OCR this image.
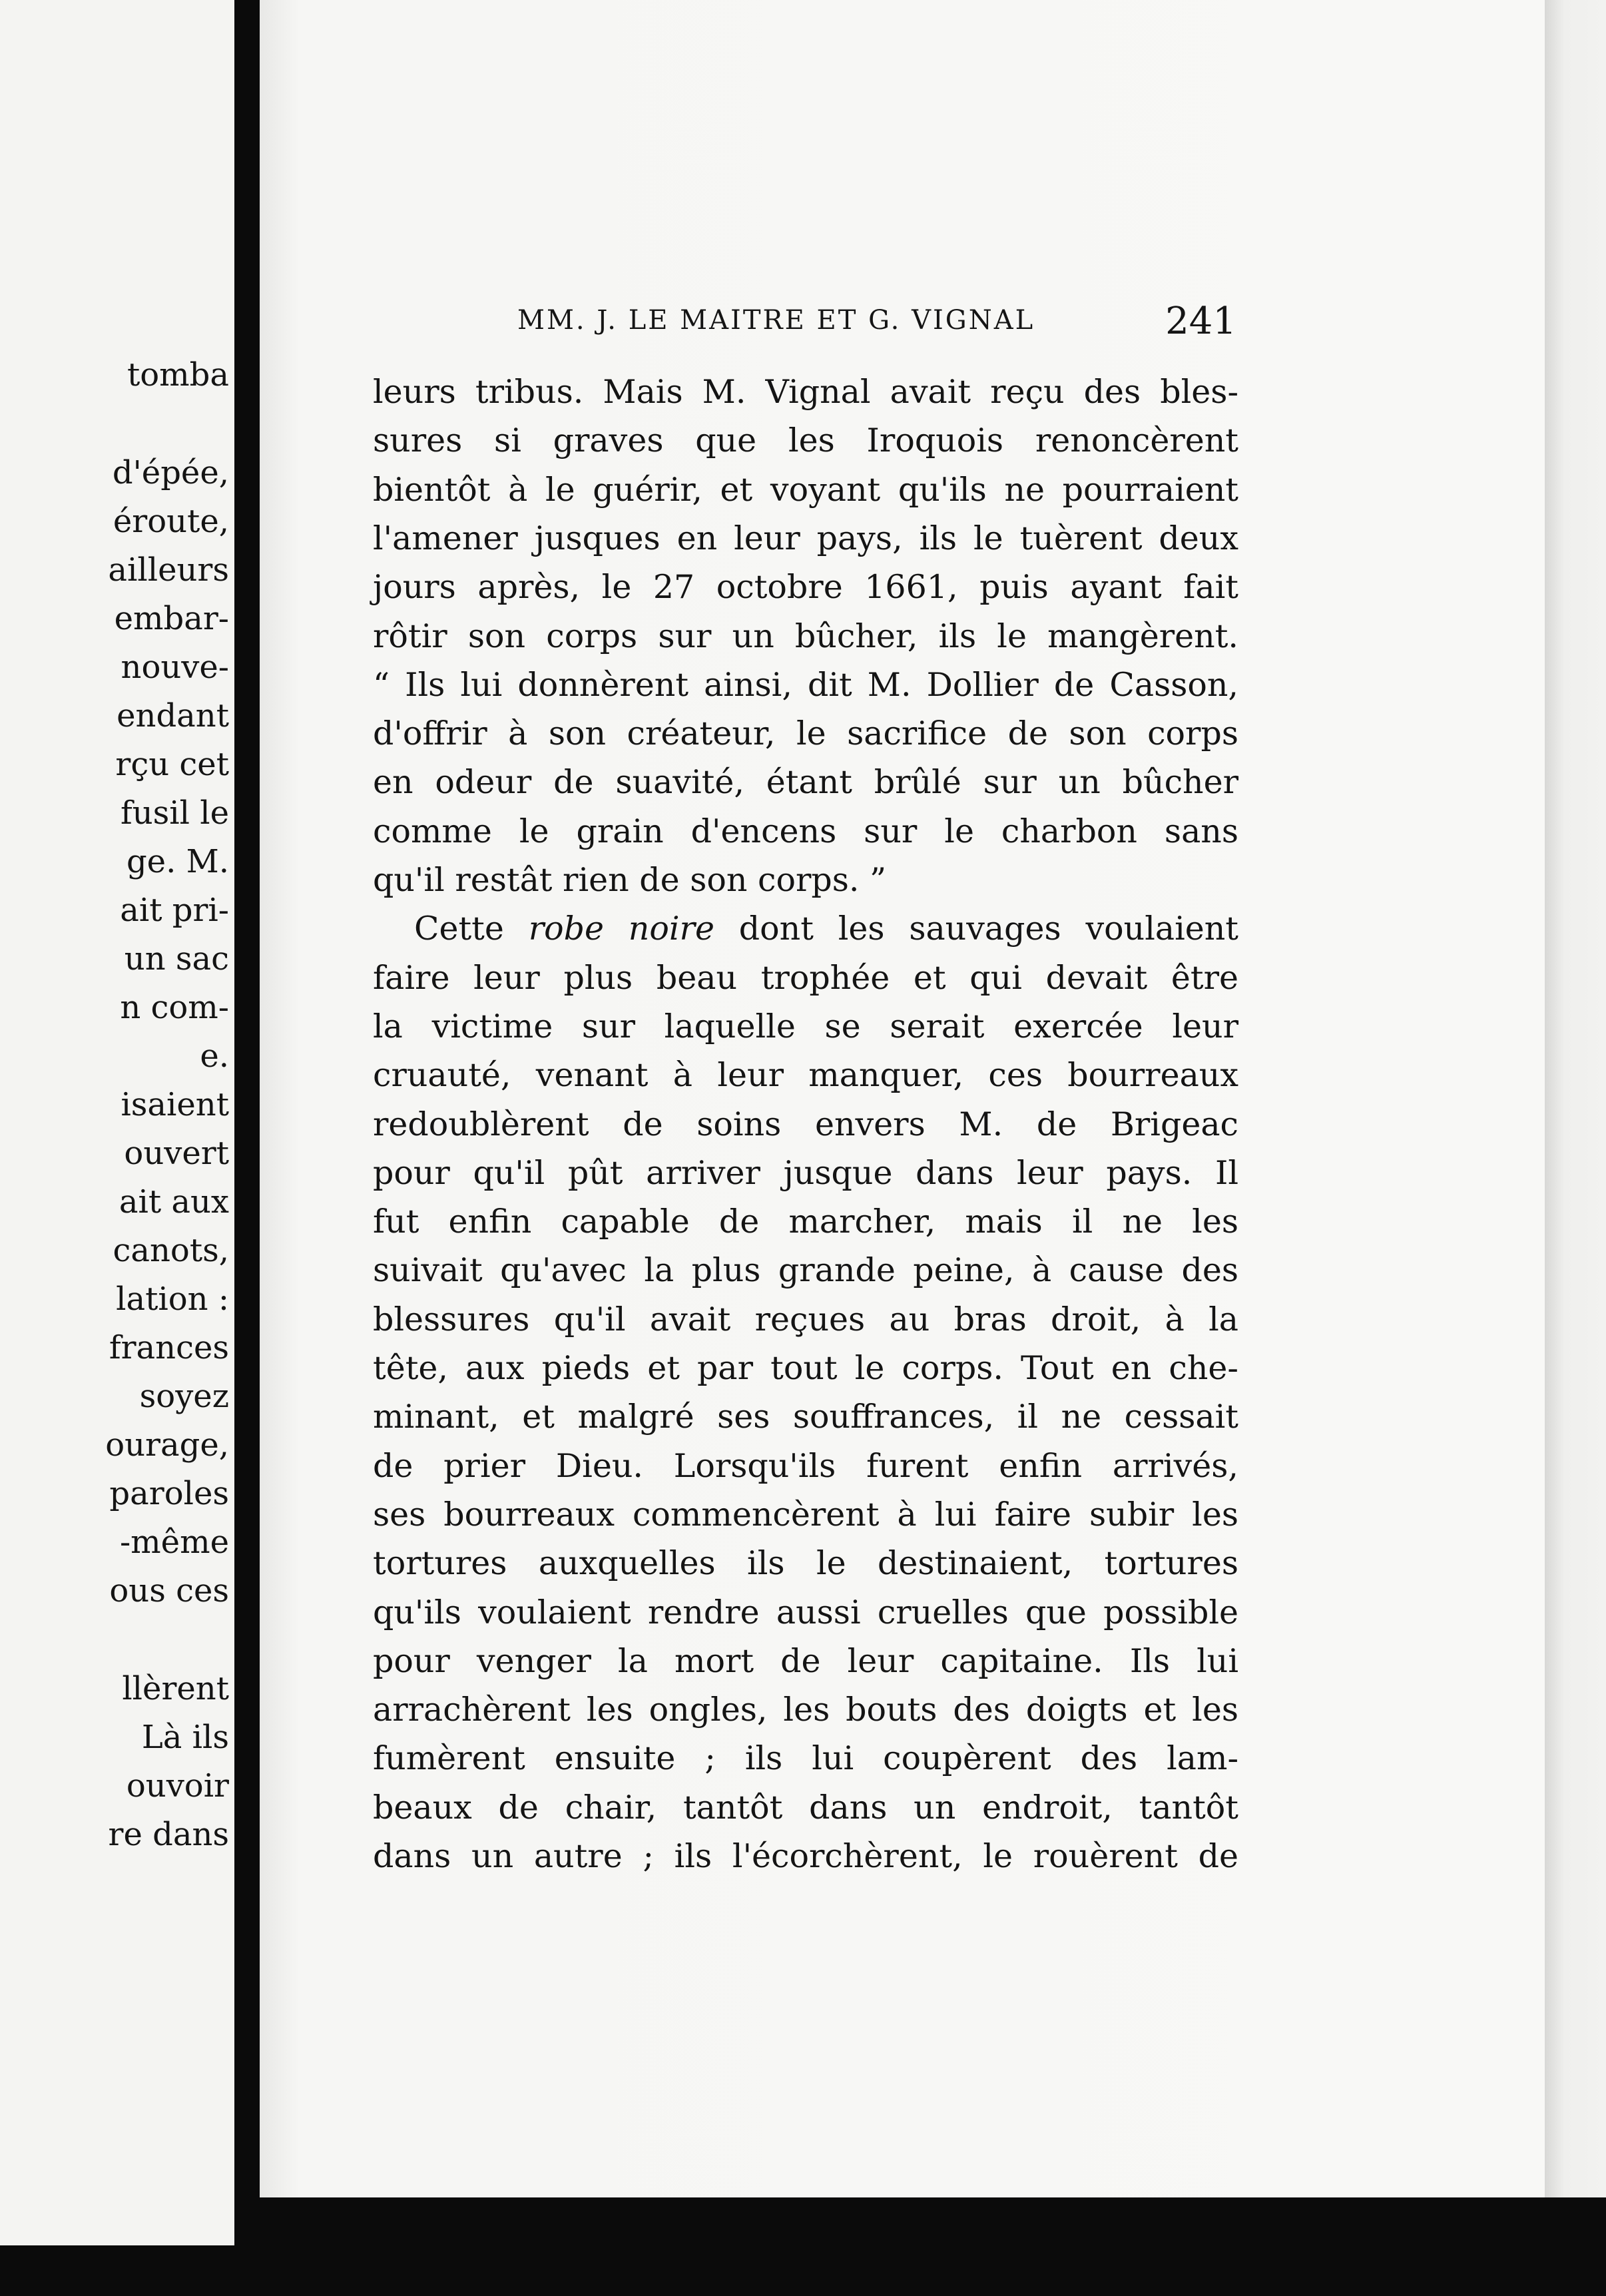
tomba
d'épée,
éroute,
ailleurs
embar-
nouve-
endant
rçu cet
fusil le
ge. M.
ait pri-
un sac
n com-
e.
isaient
ouvert
ait aux
canots,
lation :
frances
soyez
ourage,
paroles
-même
ous ces
llèrent
Là ils
ouvoir
re dans
MM. J. LE MAITRE ET G. VIGNAL	241
leurs tribus. Mais M. Vignal avait reçu des bles-
sures si graves que les Iroquois renoncèrent
bientôt à le guérir, et voyant qu'ils ne pourraient
l'amener jusques en leur pays, ils le tuèrent deux
jours après, le 27 octobre 1661, puis ayant fait
rôtir son corps sur un bûcher, ils le mangèrent.
“ Ils lui donnèrent ainsi, dit M. Dollier de Casson,
d'offrir à son créateur, le sacrifice de son corps
en odeur de suavité, étant brûlé sur un bûcher
comme le grain d'encens sur le charbon sans
qu'il restât rien de son corps. ”
Cette robe noire dont les sauvages voulaient
faire leur plus beau trophée et qui devait être
la victime sur laquelle se serait exercée leur
cruauté, venant à leur manquer, ces bourreaux
redoublèrent de soins envers M. de Brigeac
pour qu'il pût arriver jusque dans leur pays. Il
fut enfin capable de marcher, mais il ne les
suivait qu'avec la plus grande peine, à cause des
blessures qu'il avait reçues au bras droit, à la
tête, aux pieds et par tout le corps. Tout en che-
minant, et malgré ses souffrances, il ne cessait
de prier Dieu. Lorsqu'ils furent enfin arrivés,
ses bourreaux commencèrent à lui faire subir les
tortures auxquelles ils le destinaient, tortures
qu'ils voulaient rendre aussi cruelles que possible
pour venger la mort de leur capitaine. Ils lui
arrachèrent les ongles, les bouts des doigts et les
fumèrent ensuite ; ils lui coupèrent des lam-
beaux de chair, tantôt dans un endroit, tantôt
dans un autre ; ils l'écorchèrent, le rouèrent de
